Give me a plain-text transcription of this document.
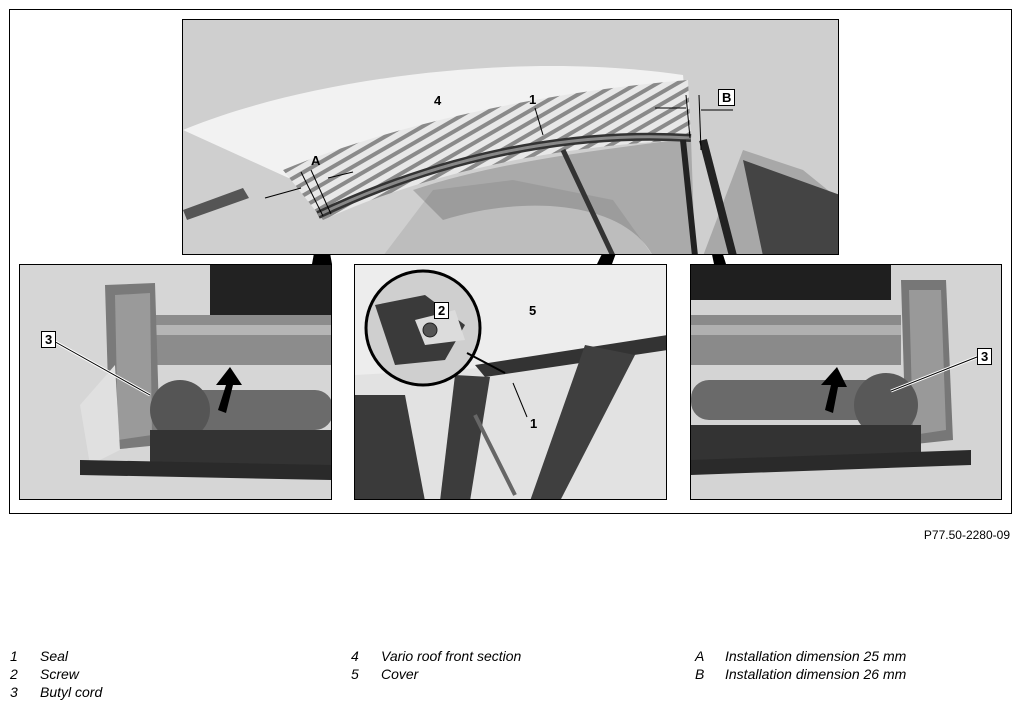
4	1
A
B
3
2	5
1
3
P77.50-2280-09
1	Seal
2	Screw
3	Butyl cord
4	Vario roof front section
5	Cover
A	Installation dimension 25 mm
B	Installation dimension 26 mm
